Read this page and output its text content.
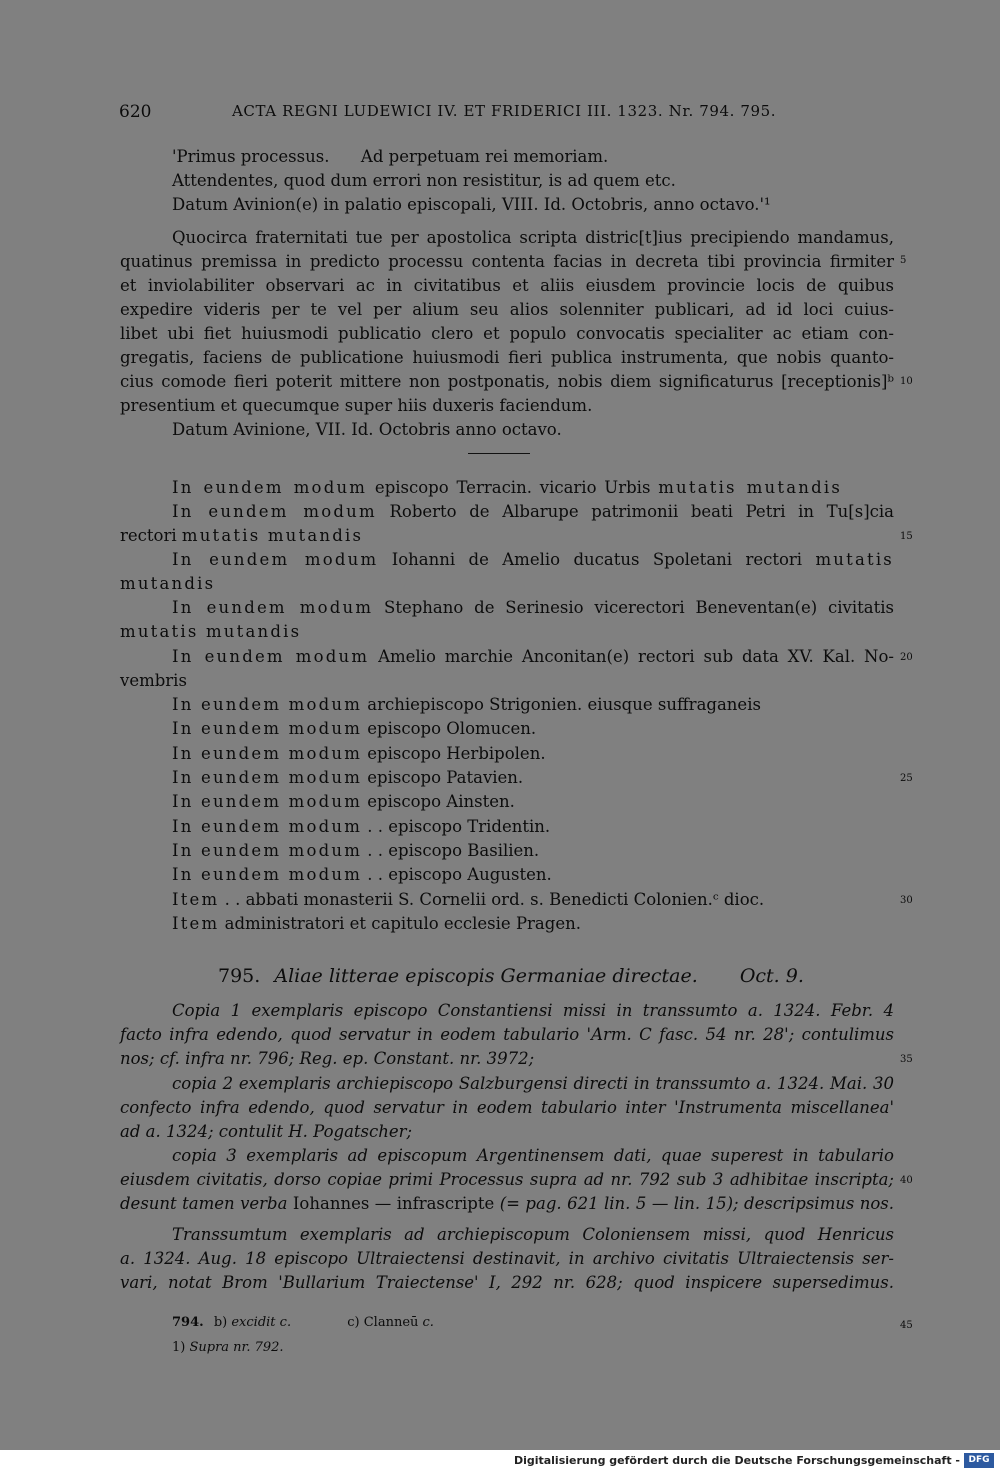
620	ACTA REGNI LUDEWICI IV. ET FRIDERICI III. 1323. Nr. 794. 795.
'Primus processus.      Ad perpetuam rei memoriam.
Attendentes, quod dum errori non resistitur, is ad quem etc.
Datum Avinion(e) in palatio episcopali, VIII. Id. Octobris, anno octavo.'¹
Quocirca fraternitati tue per apostolica scripta distric[t]ius precipiendo mandamus,
quatinus premissa in predicto processu contenta facias in decreta tibi provincia firmiter
et inviolabiliter observari ac in civitatibus et aliis eiusdem provincie locis de quibus
expedire videris per te vel per alium seu alios solenniter publicari, ad id loci cuius-
libet ubi fiet huiusmodi publicatio clero et populo convocatis specialiter ac etiam con-
gregatis, faciens de publicatione huiusmodi fieri publica instrumenta, que nobis quanto-
cius comode fieri poterit mittere non postponatis, nobis diem significaturus [receptionis]ᵇ
presentium et quecumque super hiis duxeris faciendum.
Datum Avinione, VII. Id. Octobris anno octavo.
In eundem modum episcopo Terracin. vicario Urbis mutatis mutandis
In eundem modum Roberto de Albarupe patrimonii beati Petri in Tu[s]cia
rectori mutatis mutandis
In eundem modum Iohanni de Amelio ducatus Spoletani rectori mutatis
mutandis
In eundem modum Stephano de Serinesio vicerectori Beneventan(e) civitatis
mutatis mutandis
In eundem modum Amelio marchie Anconitan(e) rectori sub data XV. Kal. No-
vembris
In eundem modum archiepiscopo Strigonien. eiusque suffraganeis
In eundem modum episcopo Olomucen.
In eundem modum episcopo Herbipolen.
In eundem modum episcopo Patavien.
In eundem modum episcopo Ainsten.
In eundem modum . . episcopo Tridentin.
In eundem modum . . episcopo Basilien.
In eundem modum . . episcopo Augusten.
Item . . abbati monasterii S. Cornelii ord. s. Benedicti Colonien.ᶜ dioc.
Item administratori et capitulo ecclesie Pragen.
795. Aliae litterae episcopis Germaniae directae. Oct. 9.
Copia 1 exemplaris episcopo Constantiensi missi in transsumto a. 1324. Febr. 4
facto infra edendo, quod servatur in eodem tabulario 'Arm. C fasc. 54 nr. 28'; contulimus
nos; cf. infra nr. 796; Reg. ep. Constant. nr. 3972;
copia 2 exemplaris archiepiscopo Salzburgensi directi in transsumto a. 1324. Mai. 30
confecto infra edendo, quod servatur in eodem tabulario inter 'Instrumenta miscellanea'
ad a. 1324; contulit H. Pogatscher;
copia 3 exemplaris ad episcopum Argentinensem dati, quae superest in tabulario
eiusdem civitatis, dorso copiae primi Processus supra ad nr. 792 sub 3 adhibitae inscripta;
desunt tamen verba Iohannes — infrascripte (= pag. 621 lin. 5 — lin. 15); descripsimus nos.
Transsumtum exemplaris ad archiepiscopum Coloniensem missi, quod Henricus
a. 1324. Aug. 18 episcopo Ultraiectensi destinavit, in archivo civitatis Ultraiectensis ser-
vari, notat Brom 'Bullarium Traiectense' I, 292 nr. 628; quod inspicere supersedimus.
794. b) excidit c.	c) Clanneū c.
1) Supra nr. 792.
5
10
15
20
25
30
35
40
45
Digitalisierung gefördert durch die Deutsche Forschungsgemeinschaft - DFG
